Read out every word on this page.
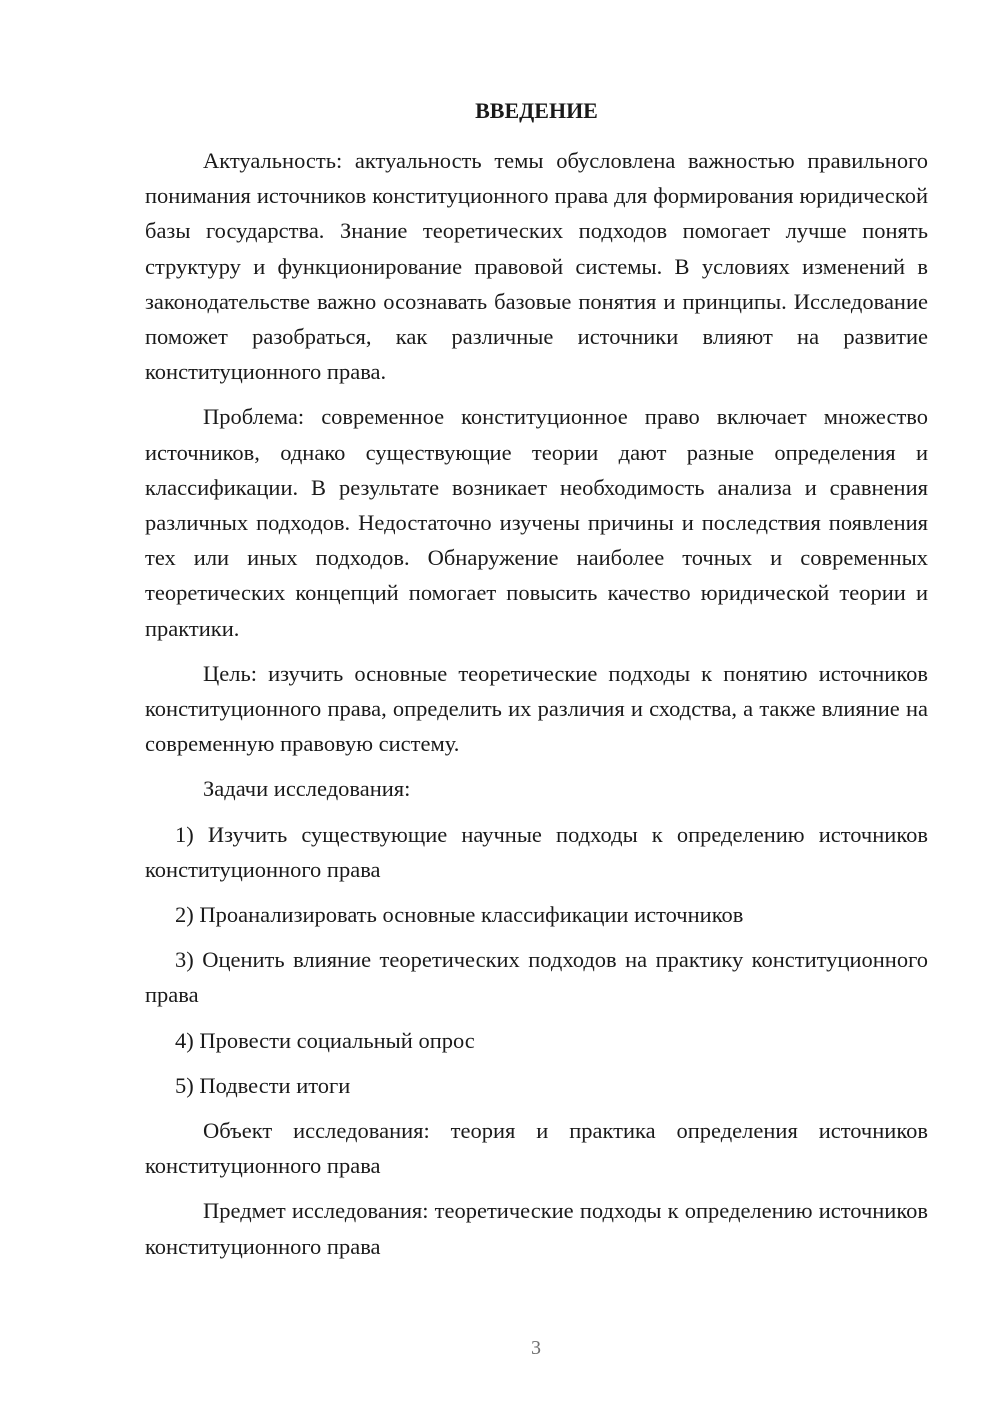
ВВЕДЕНИЕ

Актуальность: актуальность темы обусловлена важностью правильного понимания источников конституционного права для формирования юридической базы государства. Знание теоретических подходов помогает лучше понять структуру и функционирование правовой системы. В условиях изменений в законодательстве важно осознавать базовые понятия и принципы. Исследование поможет разобраться, как различные источники влияют на развитие конституционного права.

Проблема: современное конституционное право включает множество источников, однако существующие теории дают разные определения и классификации. В результате возникает необходимость анализа и сравнения различных подходов. Недостаточно изучены причины и последствия появления тех или иных подходов. Обнаружение наиболее точных и современных теоретических концепций помогает повысить качество юридической теории и практики.

Цель: изучить основные теоретические подходы к понятию источников конституционного права, определить их различия и сходства, а также влияние на современную правовую систему.

Задачи исследования:

1) Изучить существующие научные подходы к определению источников конституционного права

2) Проанализировать основные классификации источников

3) Оценить влияние теоретических подходов на практику конституционного права

4) Провести социальный опрос

5) Подвести итоги

Объект исследования: теория и практика определения источников конституционного права

Предмет исследования: теоретические подходы к определению источников конституционного права

3
